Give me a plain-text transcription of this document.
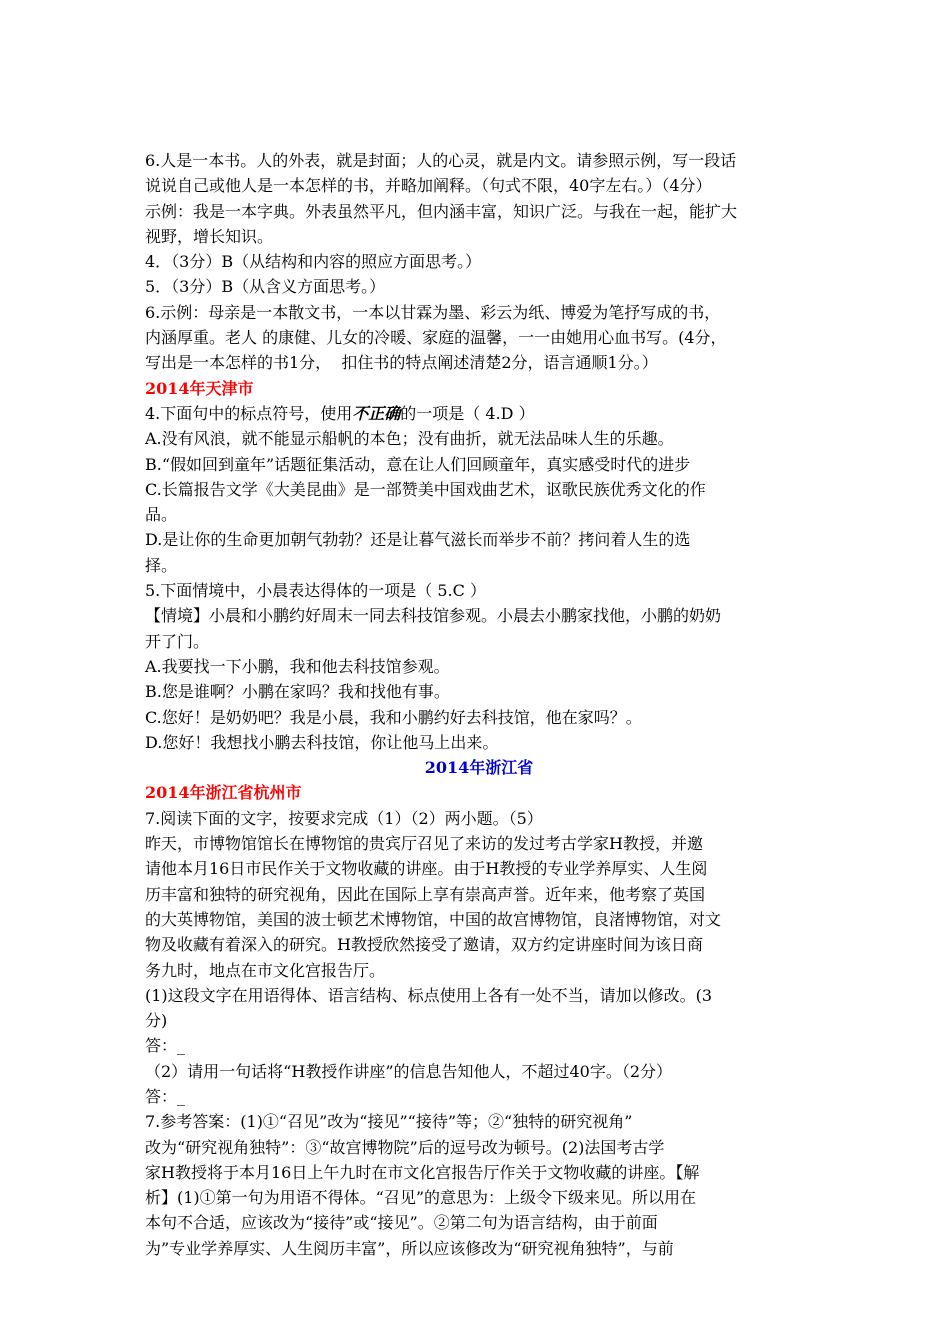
6.人是一本书。人的外表，就是封面；人的心灵，就是内文。请参照示例，写一段话
说说自己或他人是一本怎样的书，并略加阐释。（句式不限，40字左右。）（4分）
示例：我是一本字典。外表虽然平凡，但内涵丰富，知识广泛。与我在一起，能扩大
视野，增长知识。
4．（3分）B（从结构和内容的照应方面思考。）
5．（3分）B（从含义方面思考。）
6.示例：母亲是一本散文书，一本以甘霖为墨、彩云为纸、博爱为笔抒写成的书，
内涵厚重。老人 的康健、儿女的冷暖、家庭的温馨，一一由她用心血书写。(4分，
写出是一本怎样的书1分，  扣住书的特点阐述清楚2分，语言通顺1分。）
2014年天津市
4.下面句中的标点符号，使用不正确的一项是（ 4.D ）
A.没有风浪，就不能显示船帆的本色；没有曲折，就无法品味人生的乐趣。
B.“假如回到童年”话题征集活动，意在让人们回顾童年，真实感受时代的进步
C.长篇报告文学《大美昆曲》是一部赞美中国戏曲艺术，讴歌民族优秀文化的作
品。
D.是让你的生命更加朝气勃勃？还是让暮气滋长而举步不前？拷问着人生的选
择。
5.下面情境中，小晨表达得体的一项是（ 5.C ）
【情境】小晨和小鹏约好周末一同去科技馆参观。小晨去小鹏家找他，小鹏的奶奶
开了门。
A.我要找一下小鹏，我和他去科技馆参观。
B.您是谁啊？小鹏在家吗？我和找他有事。
C.您好！是奶奶吧？我是小晨，我和小鹏约好去科技馆，他在家吗？。
D.您好！我想找小鹏去科技馆，你让他马上出来。
2014年浙江省
2014年浙江省杭州市
7.阅读下面的文字，按要求完成（1）（2）两小题。（5）
昨天，市博物馆馆长在博物馆的贵宾厅召见了来访的发过考古学家H教授，并邀
请他本月16日市民作关于文物收藏的讲座。由于H教授的专业学养厚实、人生阅
历丰富和独特的研究视角，因此在国际上享有崇高声誉。近年来，他考察了英国
的大英博物馆，美国的波士顿艺术博物馆，中国的故宫博物馆，良渚博物馆，对文
物及收藏有着深入的研究。H教授欣然接受了邀请，双方约定讲座时间为该日商
务九时，地点在市文化宫报告厅。
(1)这段文字在用语得体、语言结构、标点使用上各有一处不当，请加以修改。(3
分)
答：_
（2）请用一句话将“H教授作讲座”的信息告知他人，不超过40字。（2分）
答：_
7.参考答案：(1)①“召见”改为“接见”“接待”等；②“独特的研究视角”
改为“研究视角独特”：③“故宫博物院”后的逗号改为顿号。(2)法国考古学
家H教授将于本月16日上午九时在市文化宫报告厅作关于文物收藏的讲座。【解
析】(1)①第一句为用语不得体。“召见”的意思为：上级令下级来见。所以用在
本句不合适，应该改为“接待”或“接见”。②第二句为语言结构，由于前面
为”专业学养厚实、人生阅历丰富”，所以应该修改为“研究视角独特”，与前
